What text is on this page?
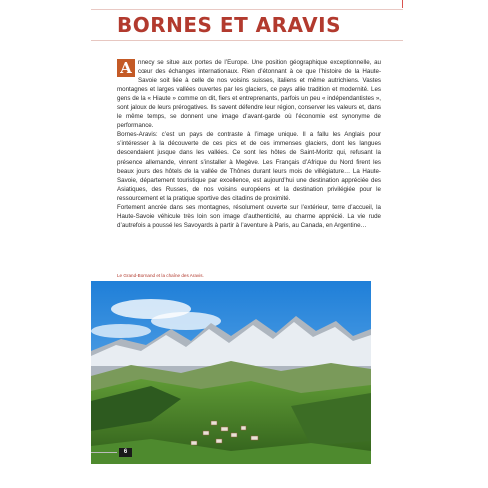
BORNES ET ARAVIS

A nnecy se situe aux portes de l’Europe. Une position géographique exceptionnelle, au cœur des échanges internationaux. Rien d’étonnant à ce que l’histoire de la Haute-Savoie soit liée à celle de nos voisins suisses, italiens et même autrichiens. Vastes montagnes et larges vallées ouvertes par les glaciers, ce pays allie tradition et modernité. Les gens de la « Hiaute » comme on dit, fiers et entreprenants, parfois un peu « indépendantistes », sont jaloux de leurs prérogatives. Ils savent défendre leur région, conserver les valeurs et, dans le même temps, se donnent une image d’avant-garde où l’économie est synonyme de performance.

Bornes-Aravis: c’est un pays de contraste à l’image unique. Il a fallu les Anglais pour s’intéresser à la découverte de ces pics et de ces immenses glaciers, dont les langues descendaient jusque dans les vallées. Ce sont les hôtes de Saint-Moritz qui, refusant la présence allemande, vinrent s’installer à Megève. Les Français d’Afrique du Nord firent les beaux jours des hôtels de la vallée de Thônes durant leurs mois de villégiature… La Haute-Savoie, département touristique par excellence, est aujourd’hui une destination appréciée des Asiatiques, des Russes, de nos voisins européens et la destination privilégiée pour le ressourcement et la pratique sportive des citadins de proximité.

Fortement ancrée dans ses montagnes, résolument ouverte sur l’extérieur, terre d’accueil, la Haute-Savoie véhicule très loin son image d’authenticité, au charme apprécié. La vie rude d’autrefois a poussé les Savoyards à partir à l’aventure à Paris, au Canada, en Argentine…

Le Grand-Bornand et la chaîne des Aravis.
6
